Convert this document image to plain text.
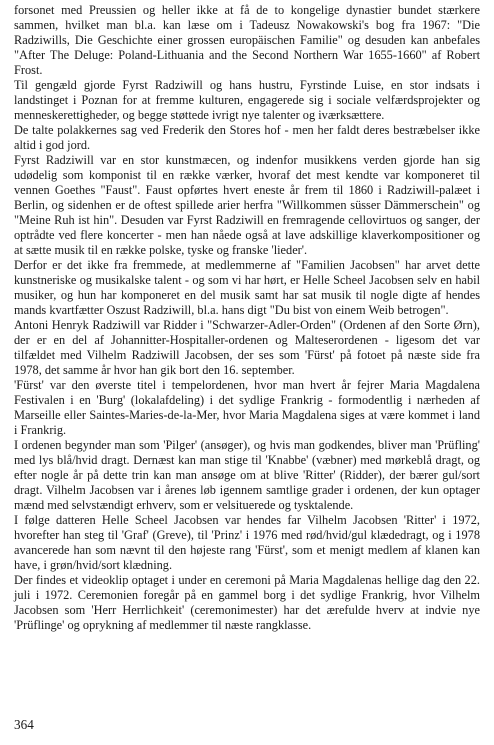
forsonet med Preussien og heller ikke at få de to kongelige dynastier bundet stærkere sammen, hvilket man bl.a. kan læse om i Tadeusz Nowakowski's bog fra 1967: "Die Radziwills, Die Geschichte einer grossen europäischen Familie" og desuden kan anbefales "After The Deluge: Poland-Lithuania and the Second Northern War 1655-1660" af Robert Frost.

Til gengæld gjorde Fyrst Radziwill og hans hustru, Fyrstinde Luise, en stor indsats i landstinget i Poznan for at fremme kulturen, engagerede sig i sociale velfærdsprojekter og menneskerettigheder, og begge støttede ivrigt nye talenter og iværksættere.

De talte polakkernes sag ved Frederik den Stores hof - men her faldt deres bestræbelser ikke altid i god jord.

Fyrst Radziwill var en stor kunstmæcen, og indenfor musikkens verden gjorde han sig udødelig som komponist til en række værker, hvoraf det mest kendte var komponeret til vennen Goethes "Faust". Faust opførtes hvert eneste år frem til 1860 i Radziwill-palæet i Berlin, og sidenhen er de oftest spillede arier herfra "Willkommen süsser Dämmerschein" og "Meine Ruh ist hin". Desuden var Fyrst Radziwill en fremragende cellovirtuos og sanger, der optrådte ved flere koncerter - men han nåede også at lave adskillige klaverkompositioner og at sætte musik til en række polske, tyske og franske 'lieder'.

Derfor er det ikke fra fremmede, at medlemmerne af "Familien Jacobsen" har arvet dette kunstneriske og musikalske talent - og som vi har hørt, er Helle Scheel Jacobsen selv en habil musiker, og hun har komponeret en del musik samt har sat musik til nogle digte af hendes mands kvartfætter Oszust Radziwill, bl.a. hans digt "Du bist von einem Weib betrogen".

Antoni Henryk Radziwill var Ridder i "Schwarzer-Adler-Orden" (Ordenen af den Sorte Ørn), der er en del af Johannitter-Hospitaller-ordenen og Malteserordenen - ligesom det var tilfældet med Vilhelm Radziwill Jacobsen, der ses som 'Fürst' på fotoet på næste side fra 1978, det samme år hvor han gik bort den 16. september.

'Fürst' var den øverste titel i tempelordenen, hvor man hvert år fejrer Maria Magdalena Festivalen i en 'Burg' (lokalafdeling) i det sydlige Frankrig - formodentlig i nærheden af Marseille eller Saintes-Maries-de-la-Mer, hvor Maria Magdalena siges at være kommet i land i Frankrig.

I ordenen begynder man som 'Pilger' (ansøger), og hvis man godkendes, bliver man 'Prüfling' med lys blå/hvid dragt. Dernæst kan man stige til 'Knabbe' (væbner) med mørkeblå dragt, og efter nogle år på dette trin kan man ansøge om at blive 'Ritter' (Ridder), der bærer gul/sort dragt. Vilhelm Jacobsen var i årenes løb igennem samtlige grader i ordenen, der kun optager mænd med selvstændigt erhverv, som er velsituerede og tysktalende.

I følge datteren Helle Scheel Jacobsen var hendes far Vilhelm Jacobsen 'Ritter' i 1972, hvorefter han steg til 'Graf' (Greve), til 'Prinz' i 1976 med rød/hvid/gul klædedragt, og i 1978 avancerede han som nævnt til den højeste rang 'Fürst', som et menigt medlem af klanen kan have, i grøn/hvid/sort klædning.

Der findes et videoklip optaget i under en ceremoni på Maria Magdalenas hellige dag den 22. juli i 1972. Ceremonien foregår på en gammel borg i det sydlige Frankrig, hvor Vilhelm Jacobsen som 'Herr Herrlichkeit' (ceremonimester) har det ærefulde hverv at indvie nye 'Prüflinge' og oprykning af medlemmer til næste rangklasse.

364
